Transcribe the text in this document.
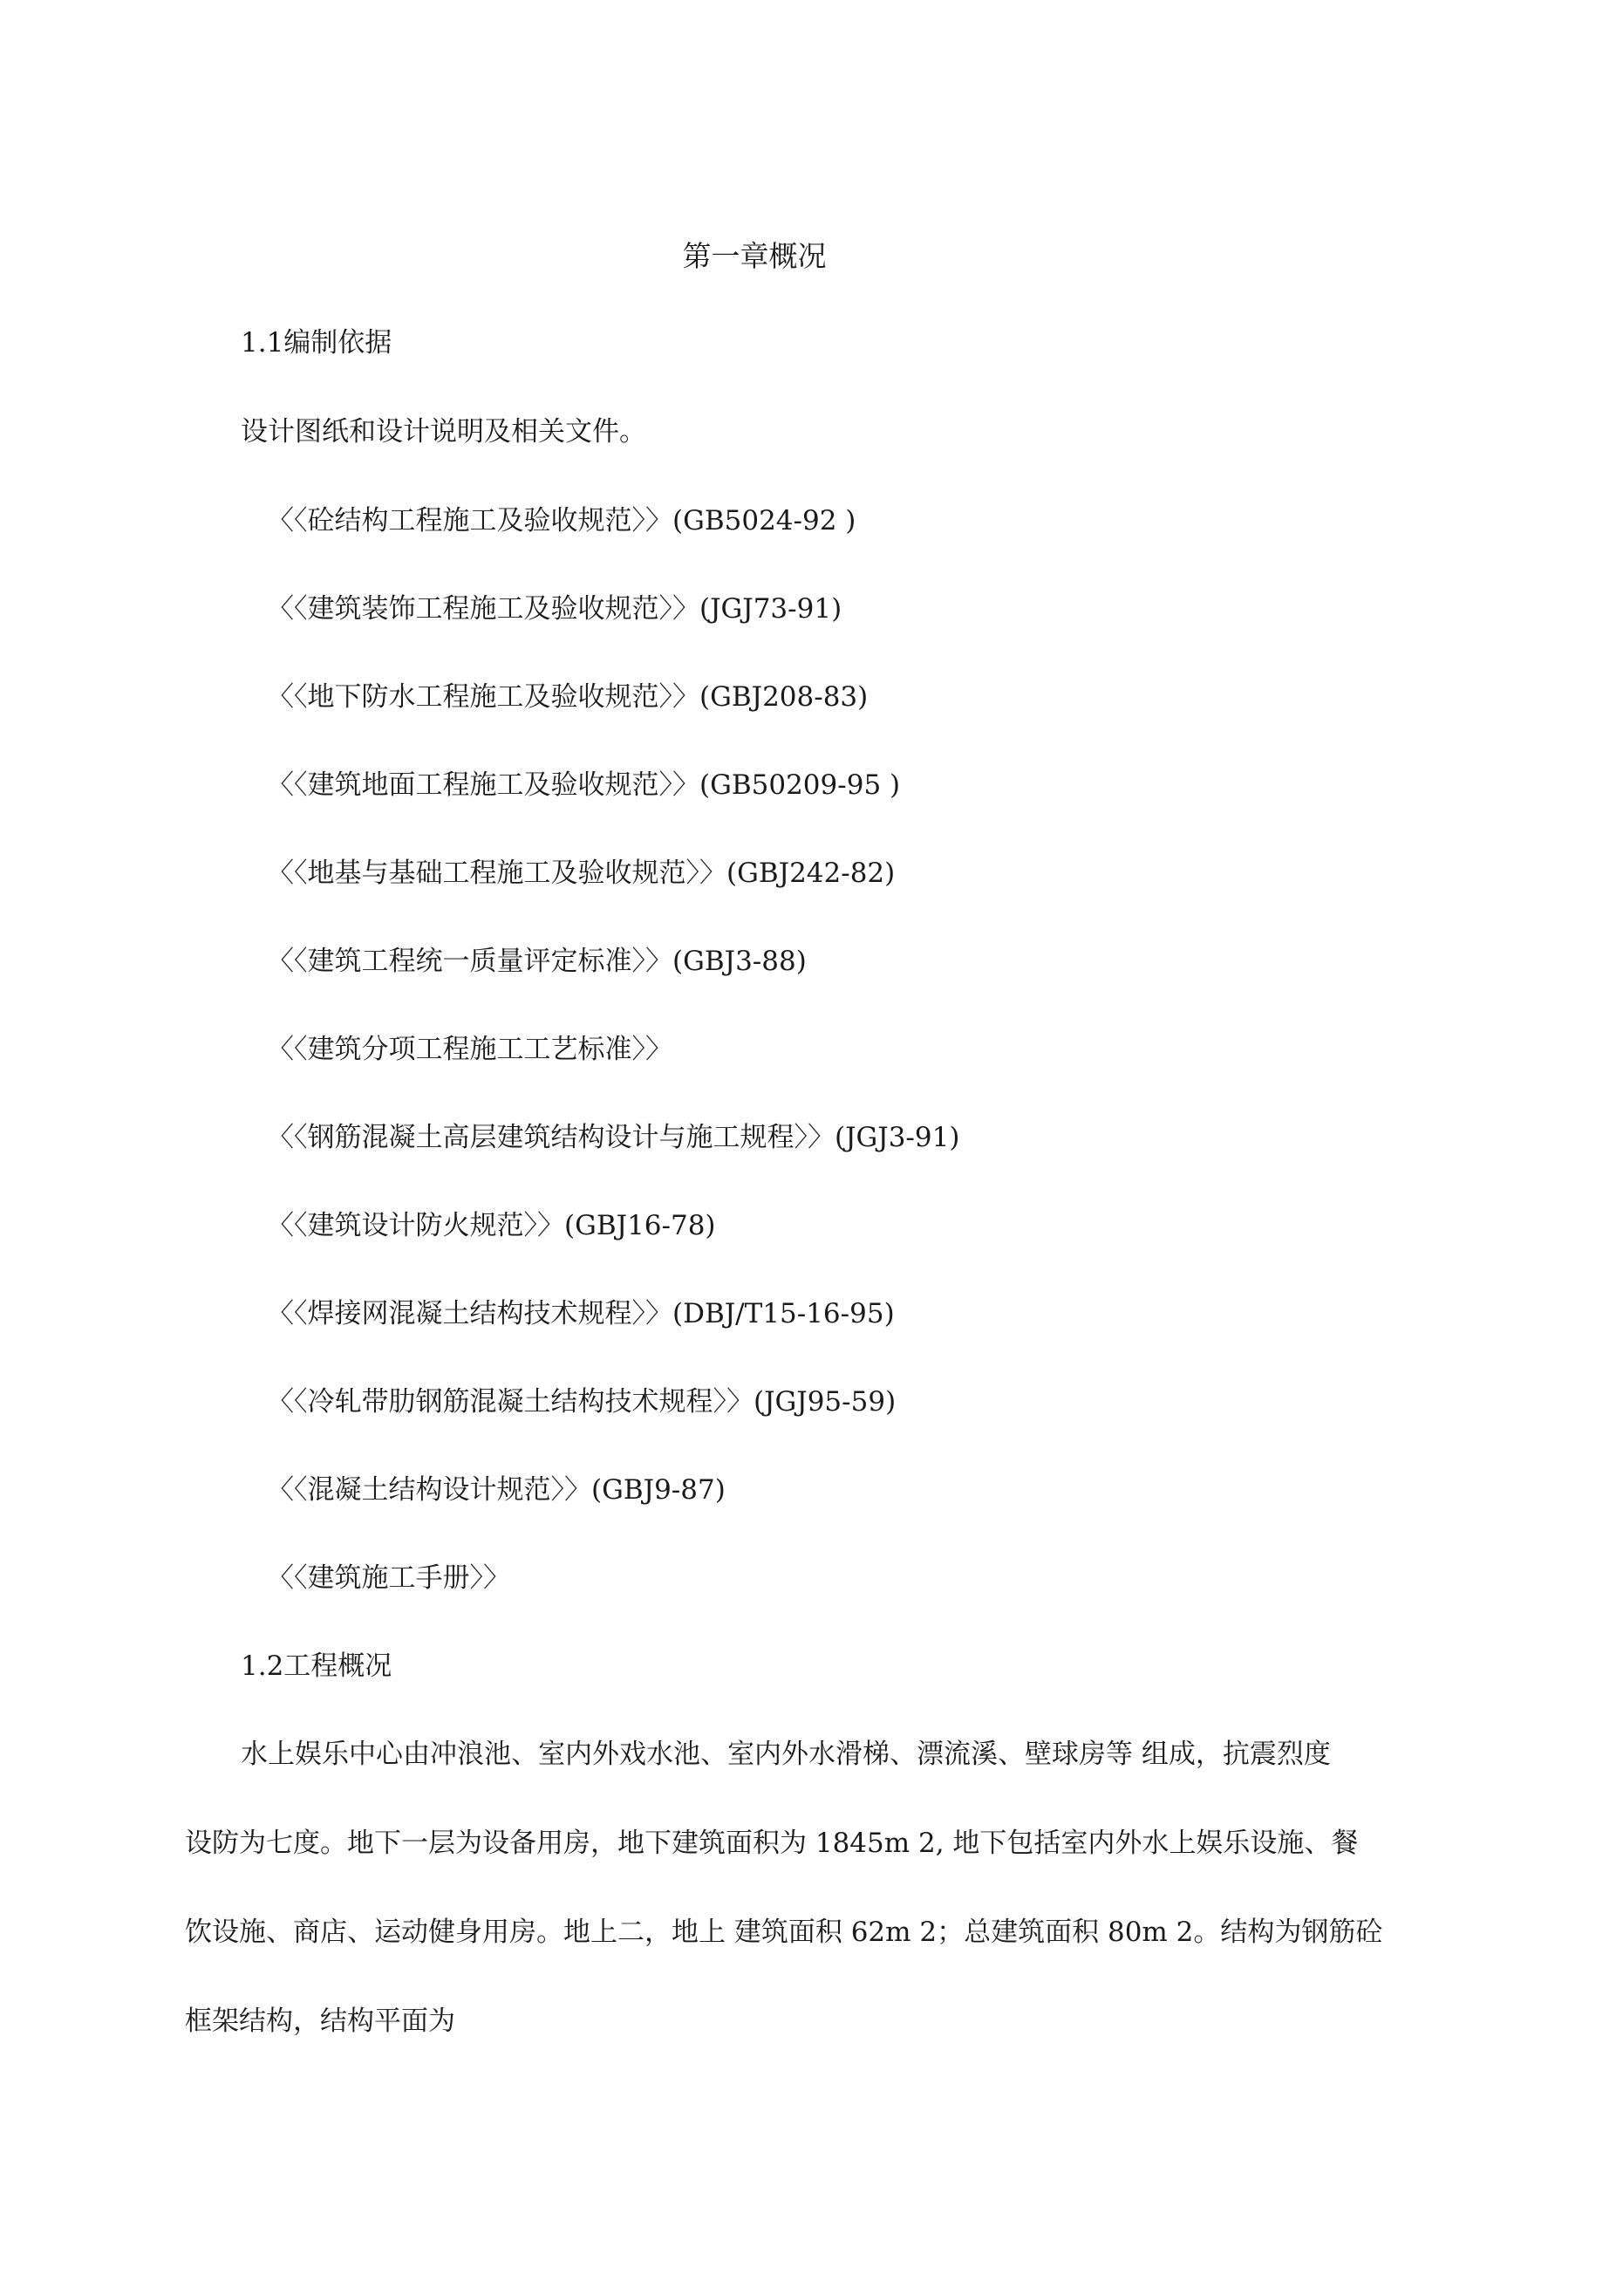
第一章概况
1.1编制依据
设计图纸和设计说明及相关文件。
〈〈砼结构工程施工及验收规范〉〉(GB5024-92 )
〈〈建筑装饰工程施工及验收规范〉〉(JGJ73-91)
〈〈地下防水工程施工及验收规范〉〉(GBJ208-83)
〈〈建筑地面工程施工及验收规范〉〉(GB50209-95 )
〈〈地基与基础工程施工及验收规范〉〉(GBJ242-82)
〈〈建筑工程统一质量评定标准〉〉(GBJ3-88)
〈〈建筑分项工程施工工艺标准〉〉
〈〈钢筋混凝土高层建筑结构设计与施工规程〉〉(JGJ3-91)
〈〈建筑设计防火规范〉〉(GBJ16-78)
〈〈焊接网混凝土结构技术规程〉〉(DBJ/T15-16-95)
〈〈冷轧带肋钢筋混凝土结构技术规程〉〉(JGJ95-59)
〈〈混凝土结构设计规范〉〉(GBJ9-87)
〈〈建筑施工手册〉〉
1.2工程概况
水上娱乐中心由冲浪池、室内外戏水池、室内外水滑梯、漂流溪、壁球房等 组成，抗震烈度
设防为七度。地下一层为设备用房，地下建筑面积为 1845m 2, 地下包括室内外水上娱乐设施、餐
饮设施、商店、运动健身用房。地上二，地上 建筑面积 62m 2；总建筑面积 80m 2。结构为钢筋砼
框架结构，结构平面为
